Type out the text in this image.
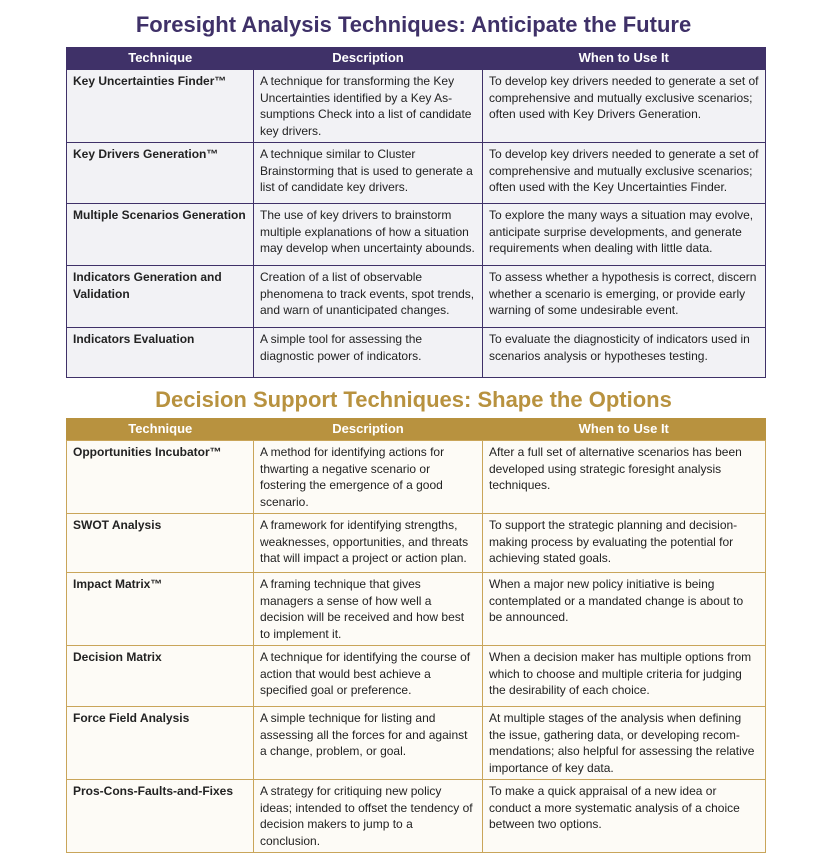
Foresight Analysis Techniques: Anticipate the Future
Technique	Description	When to Use It
Key Uncertainties Finder™	A technique for transforming the Key Uncertainties identified by a Key As-sumptions Check into a list of candidate key drivers.	To develop key drivers needed to generate a set of comprehensive and mutually exclusive scenarios; often used with Key Drivers Generation.
Key Drivers Generation™	A technique similar to Cluster Brainstorming that is used to generate a list of candidate key drivers.	To develop key drivers needed to generate a set of comprehensive and mutually exclusive scenarios; often used with the Key Uncertainties Finder.
Multiple Scenarios Generation	The use of key drivers to brainstorm multiple explanations of how a situation may develop when uncertainty abounds.	To explore the many ways a situation may evolve, anticipate surprise developments, and generate requirements when dealing with little data.
Indicators Generation and Validation	Creation of a list of observable phenomena to track events, spot trends, and warn of unanticipated changes.	To assess whether a hypothesis is correct, discern whether a scenario is emerging, or provide early warning of some undesirable event.
Indicators Evaluation	A simple tool for assessing the diagnostic power of indicators.	To evaluate the diagnosticity of indicators used in scenarios analysis or hypotheses testing.
Decision Support Techniques: Shape the Options
Technique	Description	When to Use It
Opportunities Incubator™	A method for identifying actions for thwarting a negative scenario or fostering the emergence of a good scenario.	After a full set of alternative scenarios has been developed using strategic foresight analysis techniques.
SWOT Analysis	A framework for identifying strengths, weaknesses, opportunities, and threats that will impact a project or action plan.	To support the strategic planning and decision-making process by evaluating the potential for achieving stated goals.
Impact Matrix™	A framing technique that gives managers a sense of how well a decision will be received and how best to implement it.	When a major new policy initiative is being contemplated or a mandated change is about to be announced.
Decision Matrix	A technique for identifying the course of action that would best achieve a specified goal or preference.	When a decision maker has multiple options from which to choose and multiple criteria for judging the desirability of each choice.
Force Field Analysis	A simple technique for listing and assessing all the forces for and against a change, problem, or goal.	At multiple stages of the analysis when defining the issue, gathering data, or developing recom-mendations; also helpful for assessing the relative importance of key data.
Pros-Cons-Faults-and-Fixes	A strategy for critiquing new policy ideas; intended to offset the tendency of decision makers to jump to a conclusion.	To make a quick appraisal of a new idea or conduct a more systematic analysis of a choice between two options.
